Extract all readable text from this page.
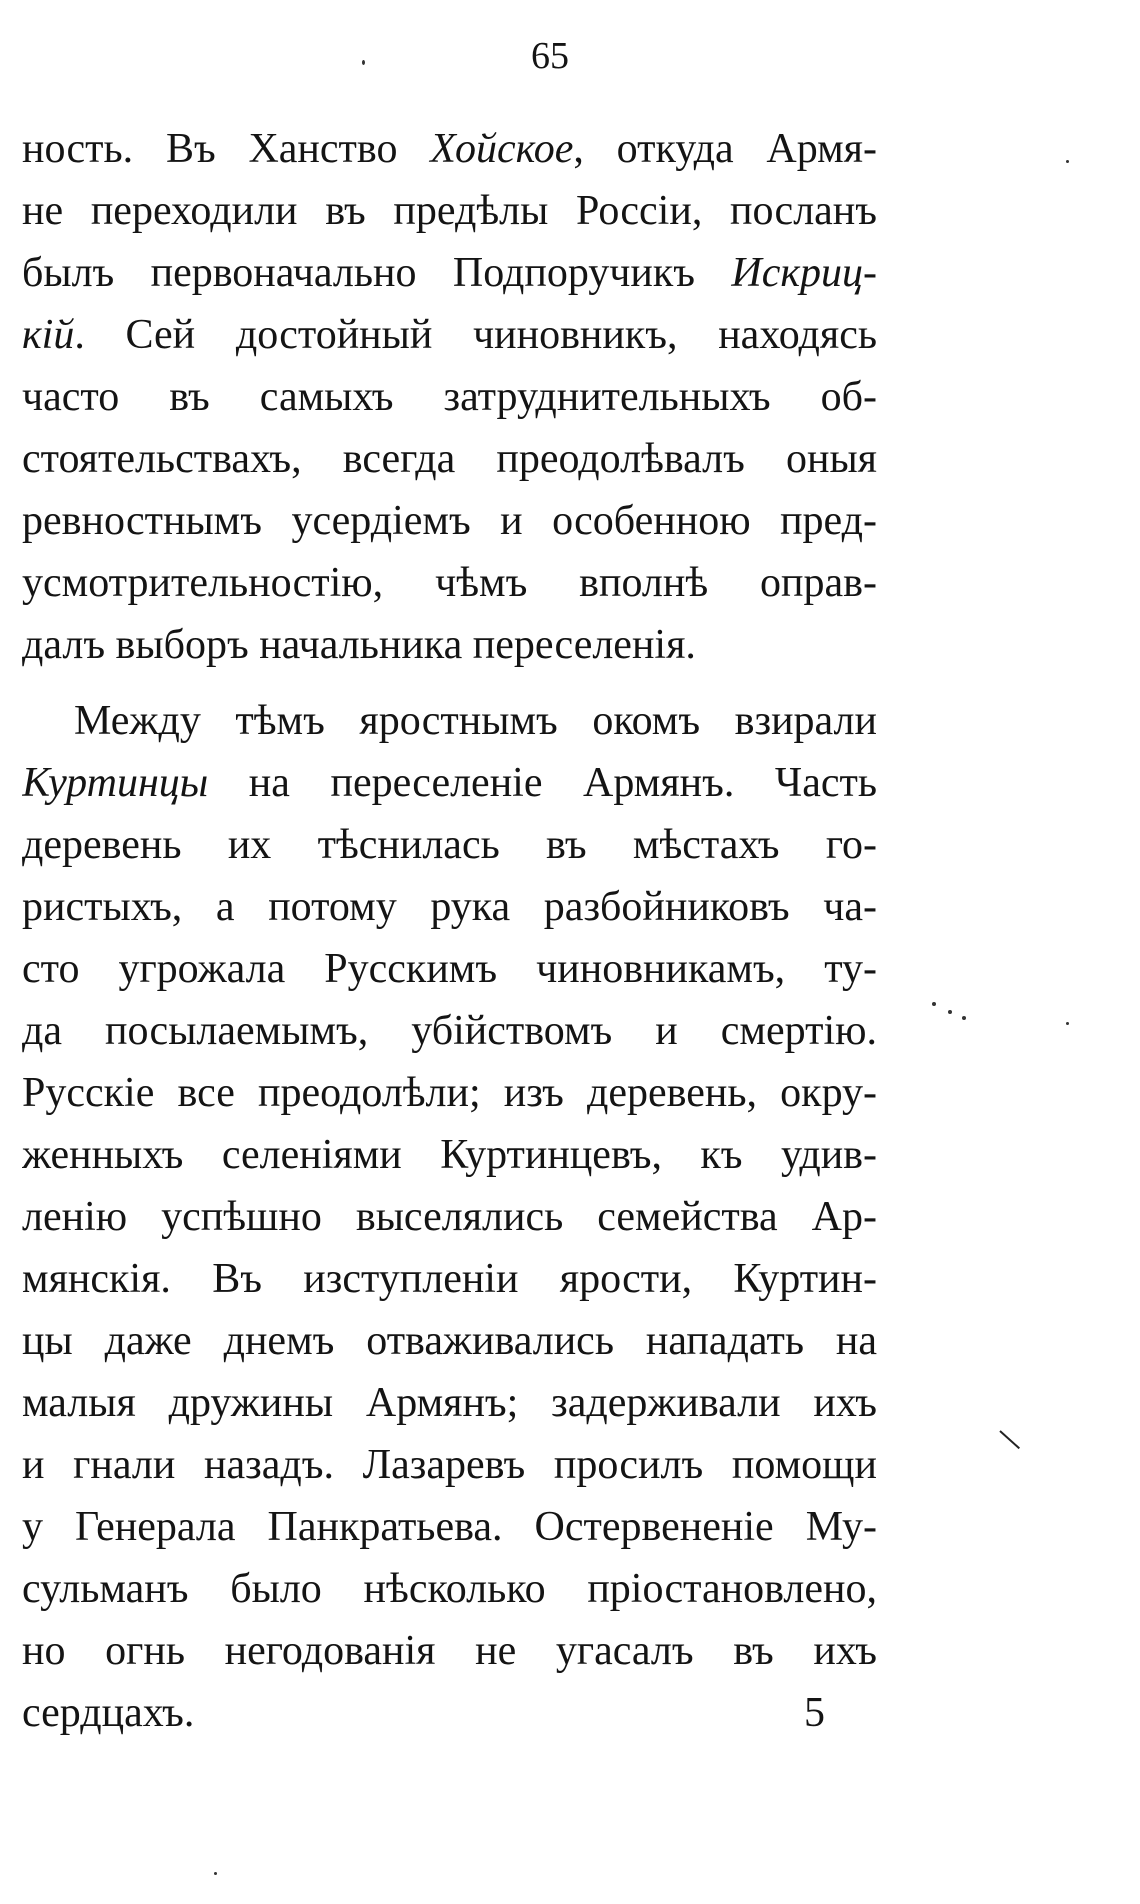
65
ность. Въ Ханство Хойское, откуда Армя-
не переходили въ предѣлы Россіи, посланъ
былъ первоначально Подпоручикъ Искриц-
кій. Сей достойный чиновникъ, находясь
часто въ самыхъ затруднительныхъ об-
стоятельствахъ, всегда преодолѣвалъ оныя
ревностнымъ усердіемъ и особенною пред-
усмотрительностію, чѣмъ вполнѣ оправ-
далъ выборъ начальника переселенія.
Между тѣмъ яростнымъ окомъ взирали
Куртинцы на переселеніе Армянъ. Часть
деревень их тѣснилась въ мѣстахъ го-
ристыхъ, а потому рука разбойниковъ ча-
сто угрожала Русскимъ чиновникамъ, ту-
да посылаемымъ, убійствомъ и смертію.
Русскіе все преодолѣли; изъ деревень, окру-
женныхъ селеніями Куртинцевъ, къ удив-
ленію успѣшно выселялись семейства Ар-
мянскія. Въ изступленіи ярости, Куртин-
цы даже днемъ отваживались нападать на
малыя дружины Армянъ; задерживали ихъ
и гнали назадъ. Лазаревъ просилъ помощи
у Генерала Панкратьева. Остервененіе Му-
сульманъ было нѣсколько пріостановлено,
но огнь негодованія не угасалъ въ ихъ
сердцахъ.	5
